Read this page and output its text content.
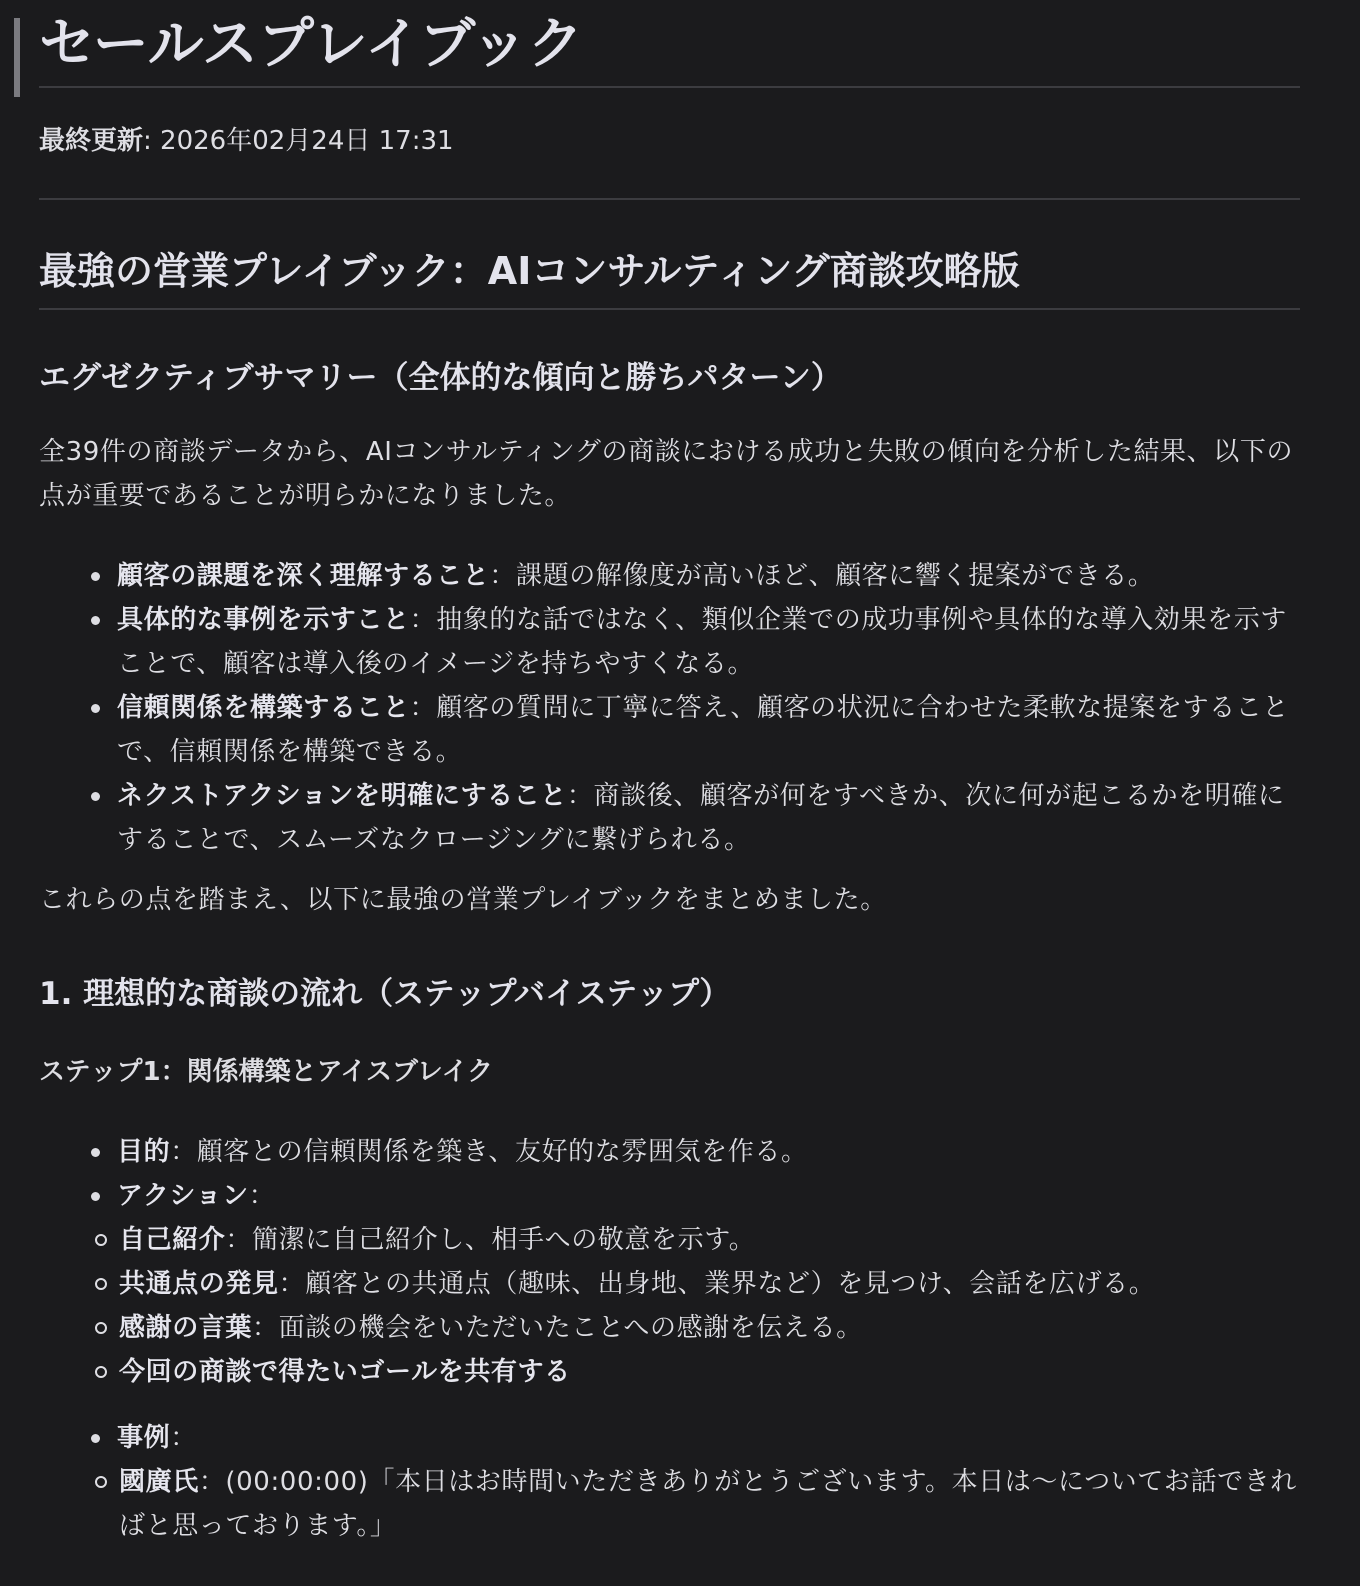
セールスプレイブック
最終更新: 2026年02月24日 17:31
最強の営業プレイブック：AIコンサルティング商談攻略版
エグゼクティブサマリー（全体的な傾向と勝ちパターン）

全39件の商談データから、AIコンサルティングの商談における成功と失敗の傾向を分析した結果、以下の点が重要であることが明らかになりました。

顧客の課題を深く理解すること：課題の解像度が高いほど、顧客に響く提案ができる。
具体的な事例を示すこと：抽象的な話ではなく、類似企業での成功事例や具体的な導入効果を示すことで、顧客は導入後のイメージを持ちやすくなる。
信頼関係を構築すること：顧客の質問に丁寧に答え、顧客の状況に合わせた柔軟な提案をすることで、信頼関係を構築できる。
ネクストアクションを明確にすること：商談後、顧客が何をすべきか、次に何が起こるかを明確にすることで、スムーズなクロージングに繋げられる。

これらの点を踏まえ、以下に最強の営業プレイブックをまとめました。

1. 理想的な商談の流れ（ステップバイステップ）
ステップ1：関係構築とアイスブレイク
目的：顧客との信頼関係を築き、友好的な雰囲気を作る。
アクション：
自己紹介：簡潔に自己紹介し、相手への敬意を示す。
共通点の発見：顧客との共通点（趣味、出身地、業界など）を見つけ、会話を広げる。
感謝の言葉：面談の機会をいただいたことへの感謝を伝える。
今回の商談で得たいゴールを共有する
事例：
國廣氏：(00:00:00)「本日はお時間いただきありがとうございます。本日は〜についてお話できればと思っております。」
